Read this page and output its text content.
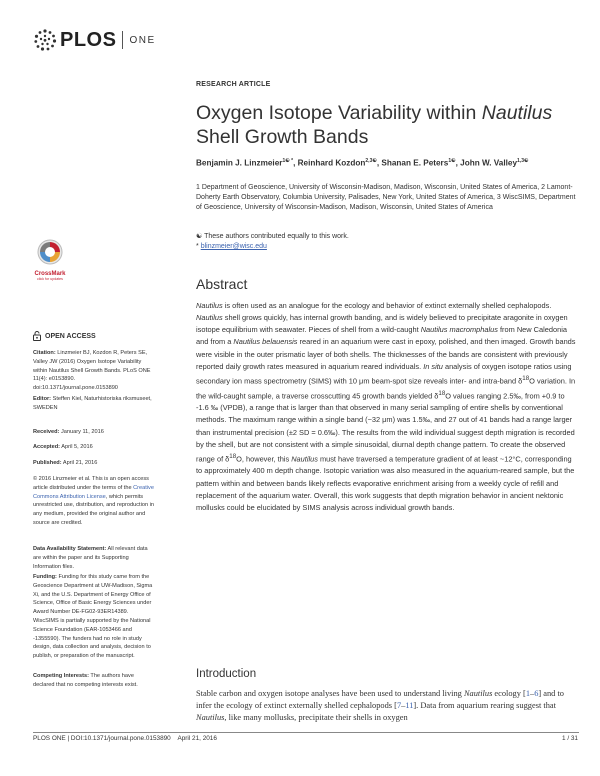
PLOS ONE
RESEARCH ARTICLE
Oxygen Isotope Variability within Nautilus
Shell Growth Bands
Benjamin J. Linzmeier$^{1☯ *}$, Reinhard Kozdon$^{2,3☯}$, Shanan E. Peters$^{1☯}$, John W. Valley$^{1,3☯}$
1 Department of Geoscience, University of Wisconsin-Madison, Madison, Wisconsin, United States of America, 2 Lamont-Doherty Earth Observatory, Columbia University, Palisades, New York, United States of America, 3 WiscSIMS, Department of Geoscience, University of Wisconsin-Madison, Madison, Wisconsin, United States of America
☯ These authors contributed equally to this work.
* blinzmeier@wisc.edu
CrossMark
click for updates
OPEN ACCESS
Citation: Linzmeier BJ, Kozdon R, Peters SE, Valley JW (2016) Oxygen Isotope Variability within Nautilus Shell Growth Bands. PLoS ONE 11(4): e0153890. doi:10.1371/journal.pone.0153890
Editor: Steffen Kiel, Naturhistoriska riksmuseet, SWEDEN
Received: January 11, 2016
Accepted: April 5, 2016
Published: April 21, 2016
© 2016 Linzmeier et al. This is an open access article distributed under the terms of the Creative Commons Attribution License, which permits unrestricted use, distribution, and reproduction in any medium, provided the original author and source are credited.
Data Availability Statement: All relevant data are within the paper and its Supporting Information files.
Funding: Funding for this study came from the Geoscience Department at UW-Madison, Sigma Xi, and the U.S. Department of Energy Office of Science, Office of Basic Energy Sciences under Award Number DE-FG02-93ER14389. WiscSIMS is partially supported by the National Science Foundation (EAR-1053466 and -1355590). The funders had no role in study design, data collection and analysis, decision to publish, or preparation of the manuscript.
Competing Interests: The authors have declared that no competing interests exist.
Abstract

Nautilus is often used as an analogue for the ecology and behavior of extinct externally shelled cephalopods. Nautilus shell grows quickly, has internal growth banding, and is widely believed to precipitate aragonite in oxygen isotope equilibrium with seawater. Pieces of shell from a wild-caught Nautilus macromphalus from New Caledonia and from a Nautilus belauensis reared in an aquarium were cast in epoxy, polished, and then imaged. Growth bands were visible in the outer prismatic layer of both shells. The thicknesses of the bands are consistent with previously reported daily growth rates measured in aquarium reared individuals. In situ analysis of oxygen isotope ratios using secondary ion mass spectrometry (SIMS) with 10 μm beam-spot size reveals inter- and intra-band $\delta^{18}O$ variation. In the wild-caught sample, a traverse crosscutting 45 growth bands yielded $\delta^{18}O$ values ranging 2.5‰, from +0.9 to -1.6 ‰ (VPDB), a range that is larger than that observed in many serial sampling of entire shells by conventional methods. The maximum range within a single band (~32 μm) was 1.5‰, and 27 out of 41 bands had a range larger than instrumental precision (±2 SD = 0.6‰). The results from the wild individual suggest depth migration is recorded by the shell, but are not consistent with a simple sinusoidal, diurnal depth change pattern. To create the observed range of $\delta^{18}O$, however, this Nautilus must have traversed a temperature gradient of at least ~12°C, corresponding to approximately 400 m depth change. Isotopic variation was also measured in the aquarium-reared sample, but the pattern within and between bands likely reflects evaporative enrichment arising from a weekly cycle of refill and replacement of the aquarium water. Overall, this work suggests that depth migration behavior in ancient nektonic mollusks could be elucidated by SIMS analysis across individual growth bands.

Introduction
Stable carbon and oxygen isotope analyses have been used to understand living Nautilus ecology [1–6] and to infer the ecology of extinct externally shelled cephalopods [7–11]. Data from aquarium rearing suggest that Nautilus, like many mollusks, precipitate their shells in oxygen
PLOS ONE | DOI:10.1371/journal.pone.0153890    April 21, 2016	1 / 31
